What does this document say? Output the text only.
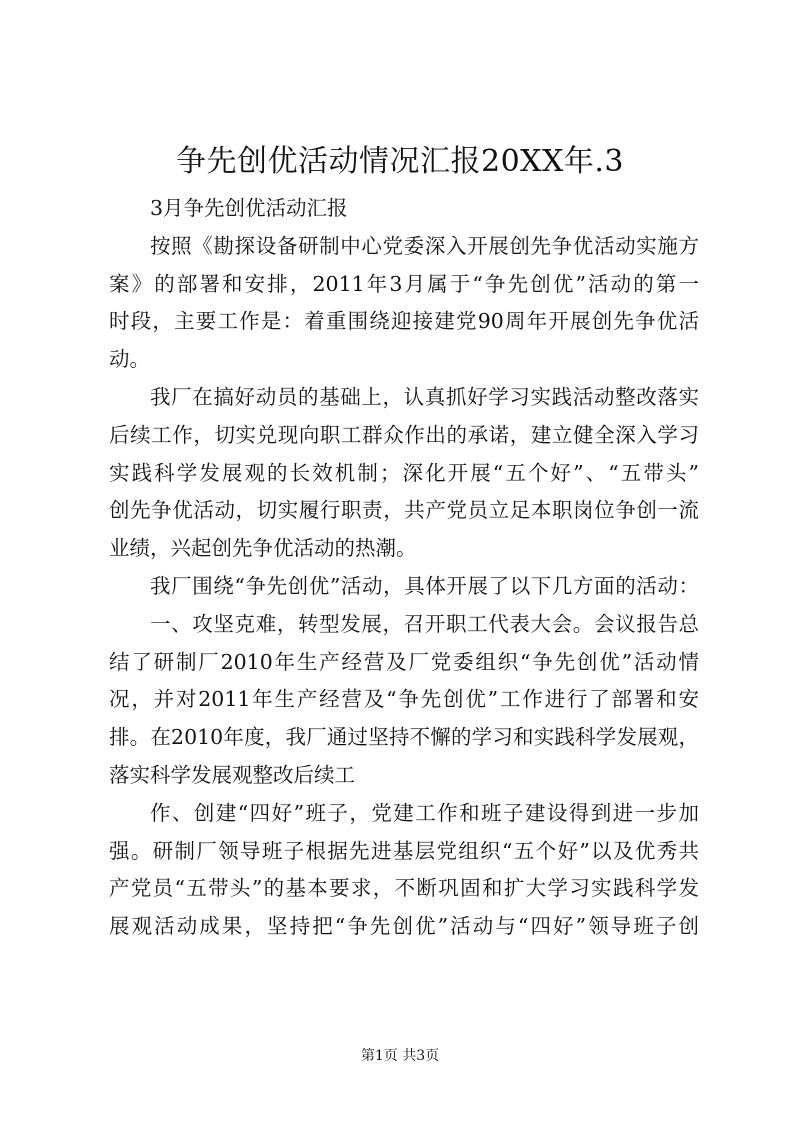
争先创优活动情况汇报20XX年.3
3月争先创优活动汇报
按照《勘探设备研制中心党委深入开展创先争优活动实施方
案》的部署和安排，2011年3月属于“争先创优”活动的第一
时段，主要工作是：着重围绕迎接建党90周年开展创先争优活
动。
我厂在搞好动员的基础上，认真抓好学习实践活动整改落实
后续工作，切实兑现向职工群众作出的承诺，建立健全深入学习
实践科学发展观的长效机制；深化开展“五个好”、“五带头”
创先争优活动，切实履行职责，共产党员立足本职岗位争创一流
业绩，兴起创先争优活动的热潮。
我厂围绕“争先创优”活动，具体开展了以下几方面的活动：
一、攻坚克难，转型发展，召开职工代表大会。会议报告总
结了研制厂2010年生产经营及厂党委组织“争先创优”活动情
况，并对2011年生产经营及“争先创优”工作进行了部署和安
排。在2010年度，我厂通过坚持不懈的学习和实践科学发展观，
落实科学发展观整改后续工
作、创建“四好”班子，党建工作和班子建设得到进一步加
强。研制厂领导班子根据先进基层党组织“五个好”以及优秀共
产党员“五带头”的基本要求，不断巩固和扩大学习实践科学发
展观活动成果，坚持把“争先创优”活动与“四好”领导班子创
第1页 共3页
